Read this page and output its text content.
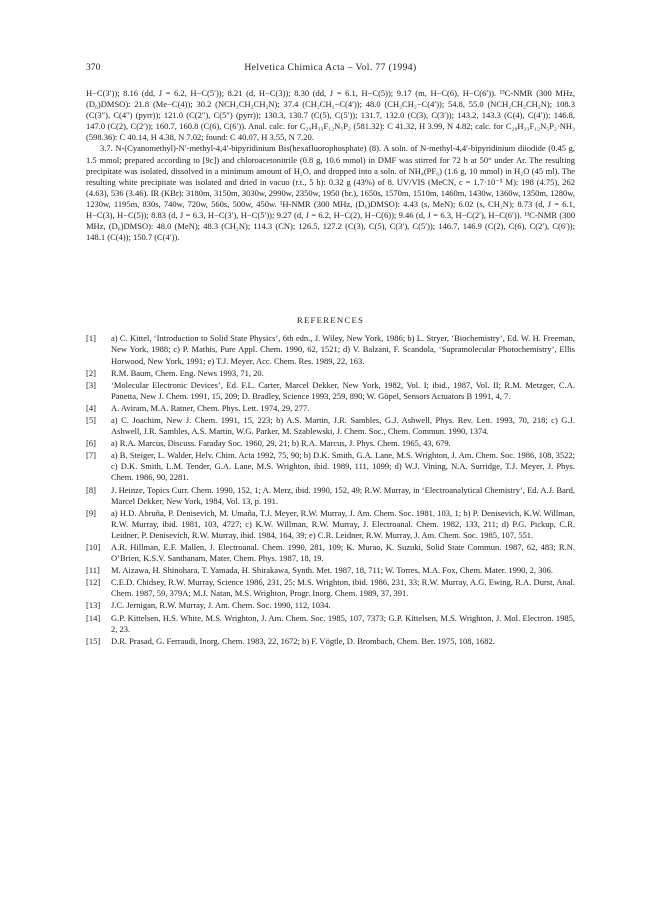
370	Helvetica Chimica Acta – Vol. 77 (1994)

H−C(3′)); 8.16 (dd, J = 6.2, H−C(5′)); 8.21 (d, H−C(3)); 8.30 (dd, J = 6.1, H−C(5)); 9.17 (m, H−C(6), H−C(6′)). ¹³C-NMR (300 MHz, (D₆)DMSO): 21.8 (Me−C(4)); 30.2 (NCH₂CH₂CH₂N); 37.4 (CH₂CH₂−C(4′)); 48.0 (CH₂CH₂−C(4′)); 54.8, 55.0 (NCH₂CH₂CH₂N); 108.3 (C(3″), C(4″) (pyrr)); 121.0 (C(2″), C(5″) (pyrr)); 130.3, 130.7 (C(5), C(5′)); 131.7, 132.0 (C(3), C(3′)); 143.2, 143.3 (C(4), C(4′)); 146.8, 147.0 (C(2), C(2′)); 160.7, 160.8 (C(6), C(6′)). Anal. calc. for C₂₉H₃₃F₁₂N₅P₂ (581.32): C 41.32, H 3.99, N 4.82; calc. for C₂₉H₃₃F₁₂N₅P₂·NH₃ (598.36): C 40.14, H 4.38, N 7.02; found: C 40.07, H 3.55, N 7.20.

3.7. N-(Cyanomethyl)-N′-methyl-4,4′-bipyridinium Bis(hexafluorophosphate) (8). A soln. of N-methyl-4,4′-bipyridinium diiodide (0.45 g, 1.5 mmol; prepared according to [9c]) and chloroacetonitrile (0.8 g, 10.6 mmol) in DMF was stirred for 72 h at 50° under Ar. The resulting precipitate was isolated, dissolved in a minimum amount of H₂O, and dropped into a soln. of NH₄(PF₆) (1.6 g, 10 mmol) in H₂O (45 ml). The resulting white precipitate was isolated and dried in vacuo (r.t., 5 h): 0.32 g (43%) of 8. UV/VIS (MeCN, c = 1.7·10⁻⁵ M): 198 (4.75), 262 (4.63), 536 (3.46). IR (KBr): 3180m, 3150m, 3030w, 2990w, 2350w, 1950 (br.), 1650s, 1570m, 1510m, 1460m, 1430w, 1360w, 1350m, 1280w, 1230w, 1195m, 830s, 740w, 720w, 560s, 500w, 450w. ¹H-NMR (300 MHz, (D₆)DMSO): 4.43 (s, MeN); 6.02 (s, CH₂N); 8.73 (d, J = 6.1, H−C(3), H−C(5)); 8.83 (d, J = 6.3, H−C(3′), H−C(5′)); 9.27 (d, J = 6.2, H−C(2), H−C(6)); 9.46 (d, J = 6.3, H−C(2′), H−C(6′)). ¹³C-NMR (300 MHz, (D₆)DMSO): 48.0 (MeN); 48.3 (CH₂N); 114.3 (CN); 126.5, 127.2 (C(3), C(5), C(3′), C(5′)); 146.7, 146.9 (C(2), C(6), C(2′), C(6′)); 148.1 (C(4)); 150.7 (C(4′)).

REFERENCES
[1] a) C. Kittel, ‘Introduction to Solid State Physics’, 6th edn., J. Wiley, New York, 1986; b) L. Stryer, ‘Biochemistry’, Ed. W. H. Freeman, New York, 1988; c) P. Mathis, Pure Appl. Chem. 1990, 62, 1521; d) V. Balzani, F. Scandola, ‘Supramolecular Photochemistry’, Ellis Horwood, New York, 1991; e) T.J. Meyer, Acc. Chem. Res. 1989, 22, 163.
[2] R.M. Baum, Chem. Eng. News 1993, 71, 20.
[3] ‘Molecular Electronic Devices’, Ed. F.L. Carter, Marcel Dekker, New York, 1982, Vol. I; ibid., 1987, Vol. II; R.M. Metzger, C.A. Panetta, New J. Chem. 1991, 15, 209; D. Bradley, Science 1993, 259, 890; W. Göpel, Sensors Actuators B 1991, 4, 7.
[4] A. Aviram, M.A. Ratner, Chem. Phys. Lett. 1974, 29, 277.
[5] a) C. Joachim, New J. Chem. 1991, 15, 223; b) A.S. Martin, J.R. Sambles, G.J. Ashwell, Phys. Rev. Lett. 1993, 70, 218; c) G.J. Ashwell, J.R. Sambles, A.S. Martin, W.G. Parker, M. Szablewski, J. Chem. Soc., Chem. Commun. 1990, 1374.
[6] a) R.A. Marcus, Discuss. Faraday Soc. 1960, 29, 21; b) R.A. Marcus, J. Phys. Chem. 1965, 43, 679.
[7] a) B. Steiger, L. Walder, Helv. Chim. Acta 1992, 75, 90; b) D.K. Smith, G.A. Lane, M.S. Wrighton, J. Am. Chem. Soc. 1986, 108, 3522; c) D.K. Smith, L.M. Tender, G.A. Lane, M.S. Wrighton, ibid. 1989, 111, 1099; d) W.J. Vining, N.A. Surridge, T.J. Meyer, J. Phys. Chem. 1986, 90, 2281.
[8] J. Heinze, Topics Curr. Chem. 1990, 152, 1; A. Merz, ibid. 1990, 152, 49; R.W. Murray, in ‘Electroanalytical Chemistry’, Ed. A.J. Bard, Marcel Dekker, New York, 1984, Vol. 13, p. 191.
[9] a) H.D. Abruña, P. Denisevich, M. Umaña, T.J. Meyer, R.W. Murray, J. Am. Chem. Soc. 1981, 103, 1; b) P. Denisevich, K.W. Willman, R.W. Murray, ibid. 1981, 103, 4727; c) K.W. Willman, R.W. Murray, J. Electroanal. Chem. 1982, 133, 211; d) P.G. Pickup, C.R. Leidner, P. Denisevich, R.W. Murray, ibid. 1984, 164, 39; e) C.R. Leidner, R.W. Murray, J. Am. Chem. Soc. 1985, 107, 551.
[10] A.R. Hillman, E.F. Mallen, J. Electroanal. Chem. 1990, 281, 109; K. Murao, K. Suzuki, Solid State Commun. 1987, 62, 483; R.N. O’Brien, K.S.V. Santhanam, Mater. Chem. Phys. 1987, 18, 19.
[11] M. Aizawa, H. Shinohara, T. Yamada, H. Shirakawa, Synth. Met. 1987, 18, 711; W. Torres, M.A. Fox, Chem. Mater. 1990, 2, 306.
[12] C.E.D. Chidsey, R.W. Murray, Science 1986, 231, 25; M.S. Wrighton, ibid. 1986, 231, 33; R.W. Murray, A.G. Ewing, R.A. Durst, Anal. Chem. 1987, 59, 379A; M.J. Natan, M.S. Wrighton, Progr. Inorg. Chem. 1989, 37, 391.
[13] J.C. Jernigan, R.W. Murray, J. Am. Chem. Soc. 1990, 112, 1034.
[14] G.P. Kittelsen, H.S. White, M.S. Wrighton, J. Am. Chem. Soc. 1985, 107, 7373; G.P. Kittelsen, M.S. Wrighton, J. Mol. Electron. 1985, 2, 23.
[15] D.R. Prasad, G. Ferraudi, Inorg. Chem. 1983, 22, 1672; b) F. Vögtle, D. Brombach, Chem. Ber. 1975, 108, 1682.
